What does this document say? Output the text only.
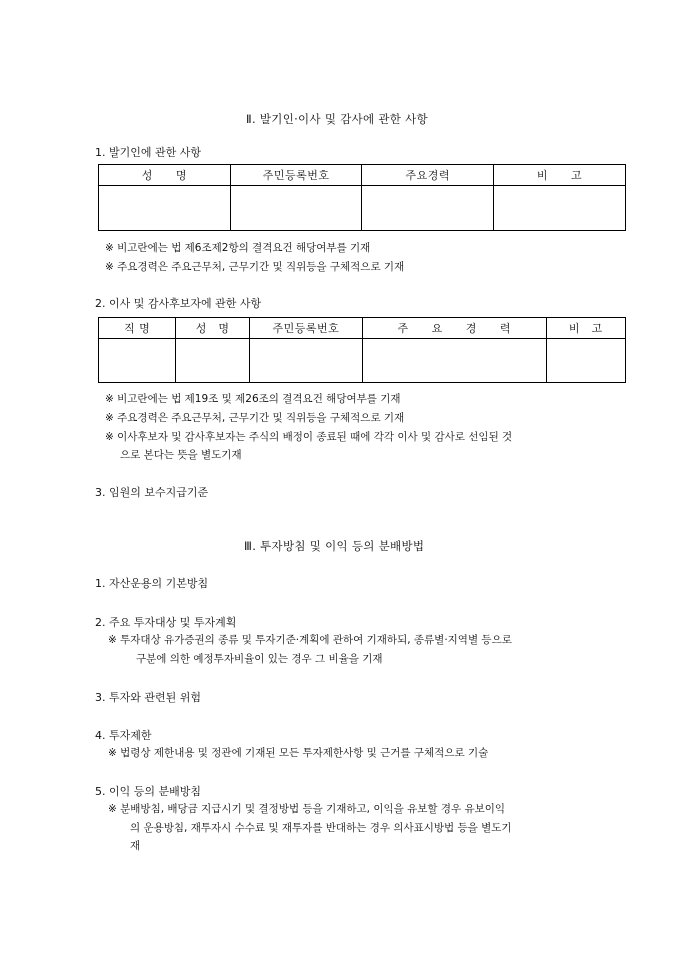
Ⅱ. 발기인·이사 및 감사에 관한 사항
1. 발기인에 관한 사항
성　　명	주민등록번호	주요경력	비　　고

※ 비고란에는 법 제6조제2항의 결격요건 해당여부를 기재
※ 주요경력은 주요근무처, 근무기간 및 직위등을 구체적으로 기재
2. 이사 및 감사후보자에 관한 사항
직 명	성　명	주민등록번호	주　　요　　경　　력	비　고

※ 비고란에는 법 제19조 및 제26조의 결격요건 해당여부를 기재
※ 주요경력은 주요근무처, 근무기간 및 직위등을 구체적으로 기재
※ 이사후보자 및 감사후보자는 주식의 배정이 종료된 때에 각각 이사 및 감사로 선임된 것
으로 본다는 뜻을 별도기재
3. 임원의 보수지급기준
Ⅲ. 투자방침 및 이익 등의 분배방법
1. 자산운용의 기본방침
2. 주요 투자대상 및 투자계획
※ 투자대상 유가증권의 종류 및 투자기준·계획에 관하여 기재하되, 종류별·지역별 등으로
구분에 의한 예정투자비율이 있는 경우 그 비율을 기재
3. 투자와 관련된 위험
4. 투자제한
※ 법령상 제한내용 및 정관에 기재된 모든 투자제한사항 및 근거를 구체적으로 기술
5. 이익 등의 분배방침
※ 분배방침, 배당금 지급시기 및 결정방법 등을 기재하고, 이익을 유보할 경우 유보이익
의 운용방침, 재투자시 수수료 및 재투자를 반대하는 경우 의사표시방법 등을 별도기
재
